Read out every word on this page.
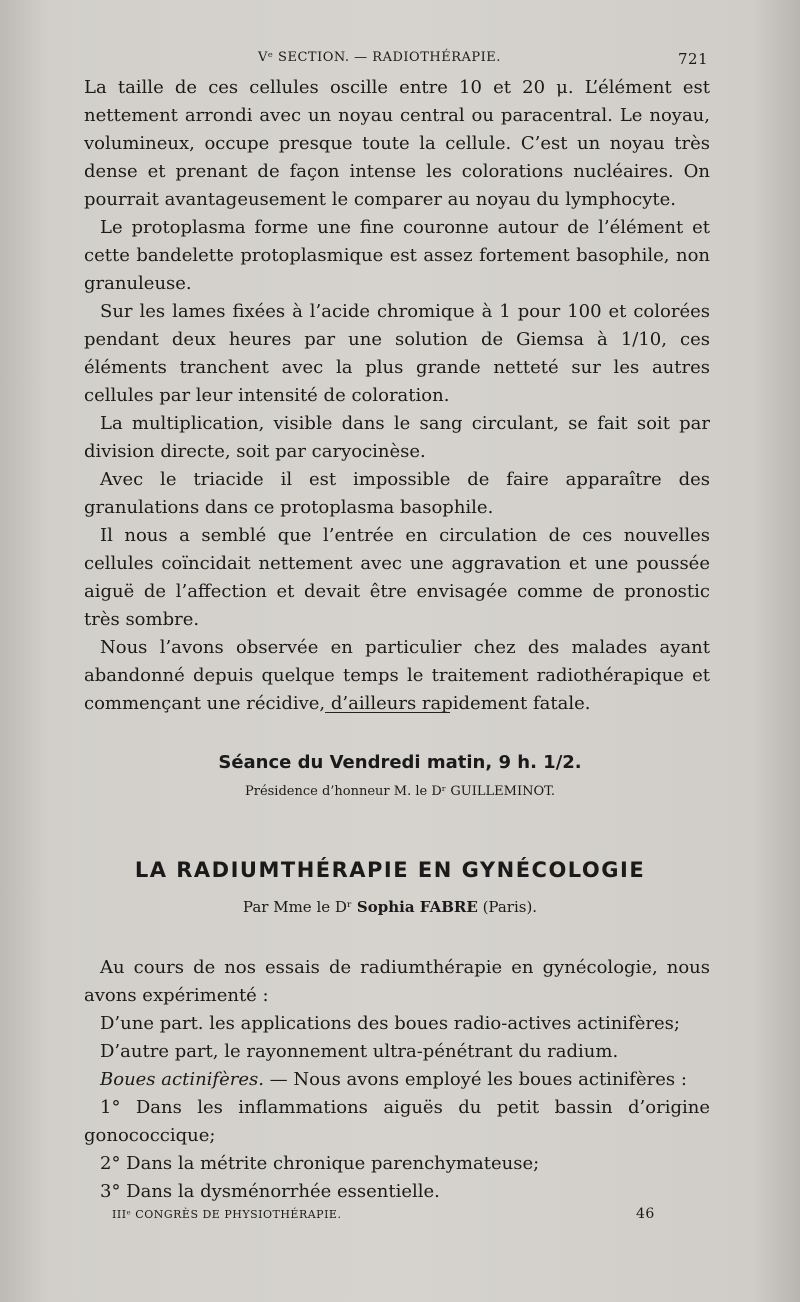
Vᵉ SECTION. — RADIOTHÉRAPIE.	721

La taille de ces cellules oscille entre 10 et 20 μ. L’élément est nettement arrondi avec un noyau central ou paracentral. Le noyau, volumineux, occupe presque toute la cellule. C’est un noyau très dense et prenant de façon intense les colorations nucléaires. On pourrait avantageusement le comparer au noyau du lymphocyte.

Le protoplasma forme une fine couronne autour de l’élément et cette bandelette protoplasmique est assez fortement basophile, non granuleuse.

Sur les lames fixées à l’acide chromique à 1 pour 100 et colorées pendant deux heures par une solution de Giemsa à 1/10, ces éléments tranchent avec la plus grande netteté sur les autres cellules par leur intensité de coloration.

La multiplication, visible dans le sang circulant, se fait soit par division directe, soit par caryocinèse.

Avec le triacide il est impossible de faire apparaître des granulations dans ce protoplasma basophile.

Il nous a semblé que l’entrée en circulation de ces nouvelles cellules coïncidait nettement avec une aggravation et une poussée aiguë de l’affection et devait être envisagée comme de pronostic très sombre.

Nous l’avons observée en particulier chez des malades ayant abandonné depuis quelque temps le traitement radiothérapique et commençant une récidive, d’ailleurs rapidement fatale.

Séance du Vendredi matin, 9 h. 1/2.
Présidence d’honneur M. le Dʳ GUILLEMINOT.
LA RADIUMTHÉRAPIE EN GYNÉCOLOGIE
Par Mme le Dʳ Sophia FABRE (Paris).

Au cours de nos essais de radiumthérapie en gynécologie, nous avons expérimenté :

D’une part. les applications des boues radio-actives actinifères;

D’autre part, le rayonnement ultra-pénétrant du radium.

Boues actinifères. — Nous avons employé les boues actinifères :

1° Dans les inflammations aiguës du petit bassin d’origine gonococcique;

2° Dans la métrite chronique parenchymateuse;

3° Dans la dysménorrhée essentielle.

IIIᵉ CONGRÈS DE PHYSIOTHÉRAPIE.	46
